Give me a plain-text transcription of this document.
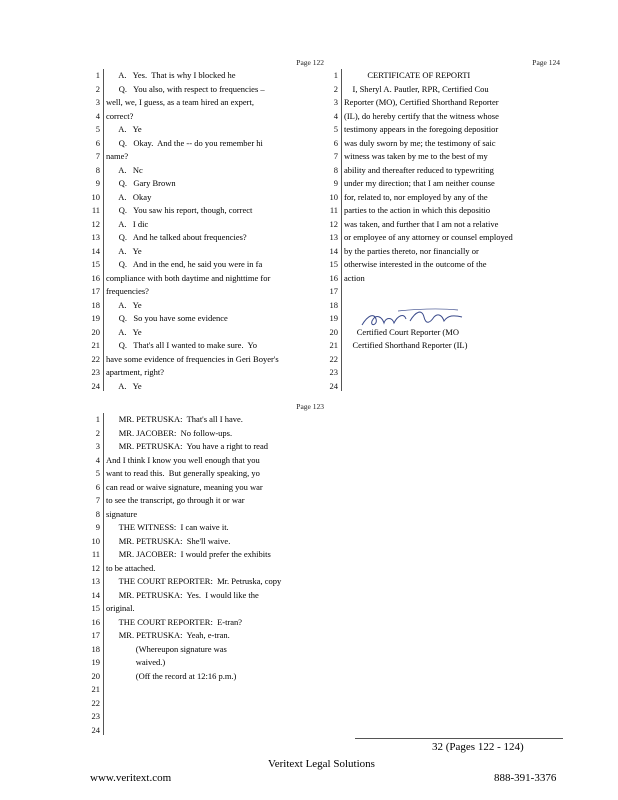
Page 122
1 A.   Yes.  That is why I blocked he
2 Q.   You also, with respect to frequencies –
3 well, we, I guess, as a team hired an expert,
4 correct?
5 A.   Ye
6 Q.   Okay.  And the -- do you remember hi
7 name?
8 A.   Nc
9 Q.   Gary Brown
10 A.   Okay
11 Q.   You saw his report, though, correct
12 A.   I dic
13 Q.   And he talked about frequencies?
14 A.   Ye
15 Q.   And in the end, he said you were in fa
16 compliance with both daytime and nighttime for
17 frequencies?
18 A.   Ye
19 Q.   So you have some evidence
20 A.   Ye
21 Q.   That's all I wanted to make sure.  Yo
22 have some evidence of frequencies in Geri Boyer's
23 apartment, right?
24 A.   Ye
Page 124
1 CERTIFICATE OF REPORTI
2 I, Sheryl A. Pautler, RPR, Certified Cou
3 Reporter (MO), Certified Shorthand Reporter
4 (IL), do hereby certify that the witness whose
5 testimony appears in the foregoing depositior
6 was duly sworn by me; the testimony of saic
7 witness was taken by me to the best of my
8 ability and thereafter reduced to typewriting
9 under my direction; that I am neither counse
10 for, related to, nor employed by any of the
11 parties to the action in which this depositio
12 was taken, and further that I am not a relative
13 or employee of any attorney or counsel employed
14 by the parties thereto, nor financially or
15 otherwise interested in the outcome of the
16 action
17
18
19
20 Certified Court Reporter (MO
21 Certified Shorthand Reporter (IL)
22
23
24
Page 123
1 MR. PETRUSKA:  That's all I have.
2 MR. JACOBER:  No follow-ups.
3 MR. PETRUSKA:  You have a right to read
4 And I think I know you well enough that you
5 want to read this.  But generally speaking, yo
6 can read or waive signature, meaning you war
7 to see the transcript, go through it or war
8 signature
9 THE WITNESS:  I can waive it.
10 MR. PETRUSKA:  She'll waive.
11 MR. JACOBER:  I would prefer the exhibits
12 to be attached.
13 THE COURT REPORTER:  Mr. Petruska, copy
14 MR. PETRUSKA:  Yes.  I would like the
15 original.
16 THE COURT REPORTER:  E-tran?
17 MR. PETRUSKA:  Yeah, e-tran.
18 (Whereupon signature was
19 waived.)
20 (Off the record at 12:16 p.m.)
21
22
23
24
32 (Pages 122 - 124)
Veritext Legal Solutions
www.veritext.com	888-391-3376
